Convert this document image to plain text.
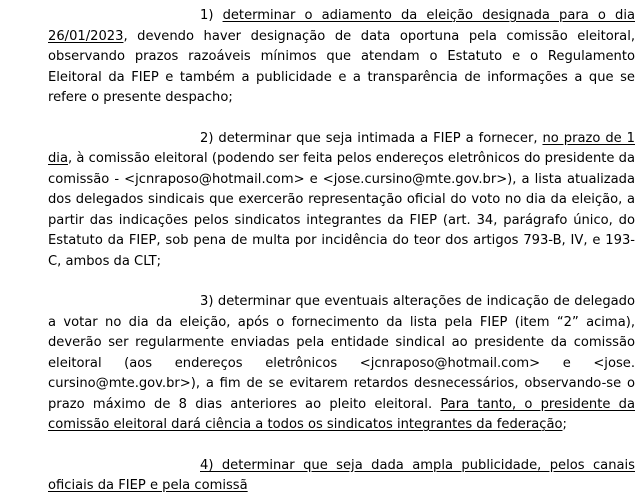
1) determinar o adiamento da eleição designada para o dia 26/01/2023, devendo haver designação de data oportuna pela comissão eleitoral, observando prazos razoáveis mínimos que atendam o Estatuto e o Regulamento Eleitoral da FIEP e também a publicidade e a transparência de informações a que se refere o presente despacho;

2) determinar que seja intimada a FIEP a fornecer, no prazo de 1 dia, à comissão eleitoral (podendo ser feita pelos endereços eletrônicos do presidente da comissão - <jcnraposo@hotmail.com> e <jose.cursino@mte.gov.br>), a lista atualizada dos delegados sindicais que exercerão representação oficial do voto no dia da eleição, a partir das indicações pelos sindicatos integrantes da FIEP (art. 34, parágrafo único, do Estatuto da FIEP, sob pena de multa por incidência do teor dos artigos 793-B, IV, e 193-C, ambos da CLT;

3) determinar que eventuais alterações de indicação de delegado a votar no dia da eleição, após o fornecimento da lista pela FIEP (item “2” acima), deverão ser regularmente enviadas pela entidade sindical ao presidente da comissão eleitoral (aos endereços eletrônicos <jcnraposo@hotmail.com> e <jose. cursino@mte.gov.br>), a fim de se evitarem retardos desnecessários, observando-se o prazo máximo de 8 dias anteriores ao pleito eleitoral. Para tanto, o presidente da comissão eleitoral dará ciência a todos os sindicatos integrantes da federação;

4) determinar que seja dada ampla publicidade, pelos canais oficiais da FIEP e pela comissã
